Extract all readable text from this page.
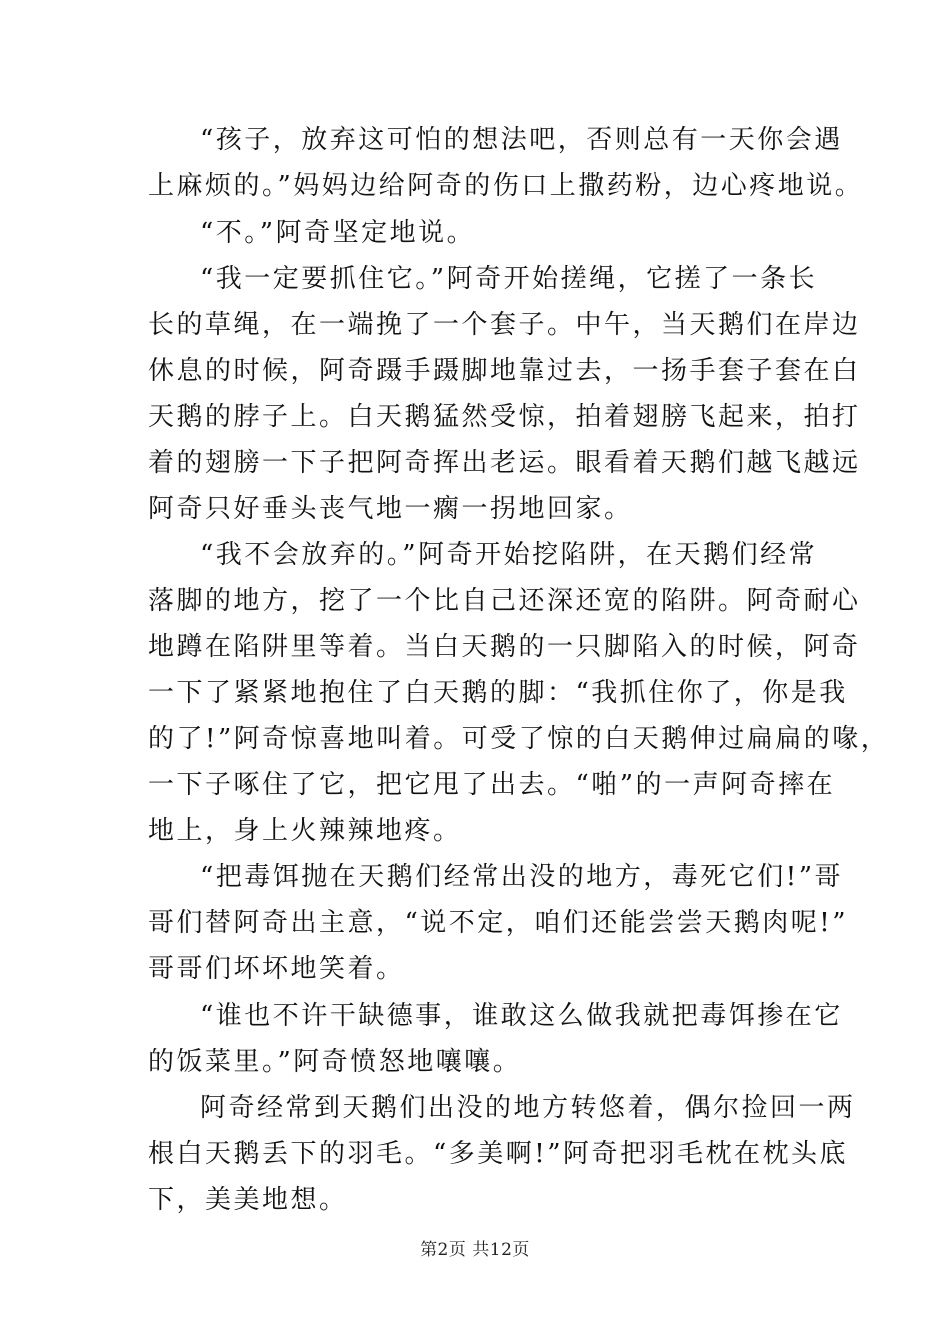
“孩子，放弃这可怕的想法吧，否则总有一天你会遇
上麻烦的。”妈妈边给阿奇的伤口上撒药粉，边心疼地说。
“不。”阿奇坚定地说。
“我一定要抓住它。”阿奇开始搓绳，它搓了一条长
长的草绳，在一端挽了一个套子。中午，当天鹅们在岸边
休息的时候，阿奇蹑手蹑脚地靠过去，一扬手套子套在白
天鹅的脖子上。白天鹅猛然受惊，拍着翅膀飞起来，拍打
着的翅膀一下子把阿奇挥出老运。眼看着天鹅们越飞越远
阿奇只好垂头丧气地一瘸一拐地回家。
“我不会放弃的。”阿奇开始挖陷阱，在天鹅们经常
落脚的地方，挖了一个比自己还深还宽的陷阱。阿奇耐心
地蹲在陷阱里等着。当白天鹅的一只脚陷入的时候，阿奇
一下了紧紧地抱住了白天鹅的脚：“我抓住你了，你是我
的了!”阿奇惊喜地叫着。可受了惊的白天鹅伸过扁扁的喙，
一下子啄住了它，把它甩了出去。“啪”的一声阿奇摔在
地上，身上火辣辣地疼。
“把毒饵抛在天鹅们经常出没的地方，毒死它们!”哥
哥们替阿奇出主意，“说不定，咱们还能尝尝天鹅肉呢!”
哥哥们坏坏地笑着。
“谁也不许干缺德事，谁敢这么做我就把毒饵掺在它
的饭菜里。”阿奇愤怒地嚷嚷。
阿奇经常到天鹅们出没的地方转悠着，偶尔捡回一两
根白天鹅丢下的羽毛。“多美啊!”阿奇把羽毛枕在枕头底
下，美美地想。
第2页 共12页
